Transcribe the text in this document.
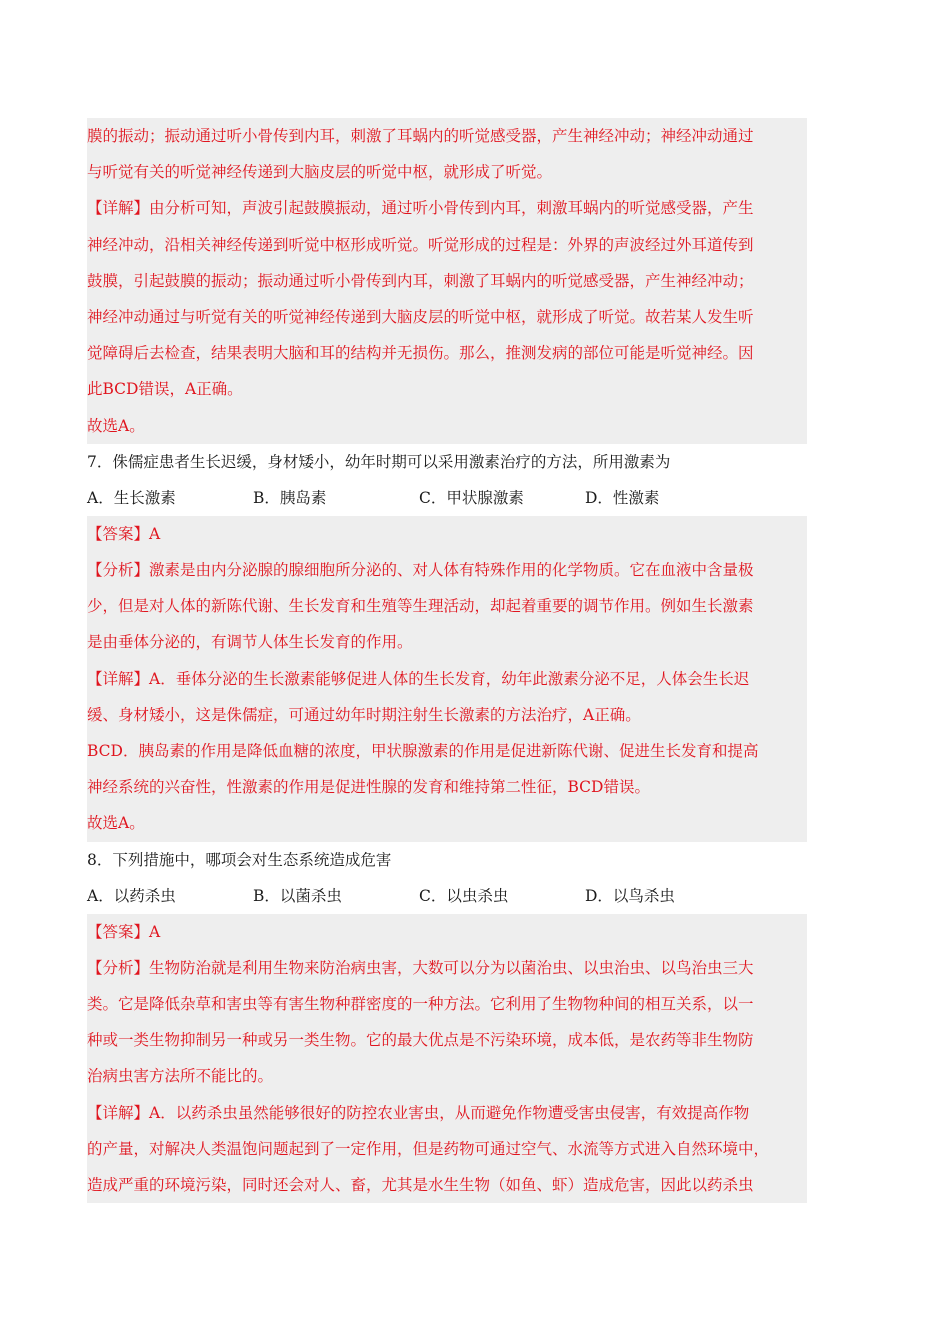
膜的振动；振动通过听小骨传到内耳，刺激了耳蜗内的听觉感受器，产生神经冲动；神经冲动通过

与听觉有关的听觉神经传递到大脑皮层的听觉中枢，就形成了听觉。

【详解】由分析可知，声波引起鼓膜振动，通过听小骨传到内耳，刺激耳蜗内的听觉感受器，产生

神经冲动，沿相关神经传递到听觉中枢形成听觉。听觉形成的过程是：外界的声波经过外耳道传到

鼓膜，引起鼓膜的振动；振动通过听小骨传到内耳，刺激了耳蜗内的听觉感受器，产生神经冲动；

神经冲动通过与听觉有关的听觉神经传递到大脑皮层的听觉中枢，就形成了听觉。故若某人发生听

觉障碍后去检查，结果表明大脑和耳的结构并无损伤。那么，推测发病的部位可能是听觉神经。因

此BCD错误，A正确。

故选A。

7．侏儒症患者生长迟缓，身材矮小，幼年时期可以采用激素治疗的方法，所用激素为
A．生长激素	B．胰岛素	C．甲状腺激素	D．性激素

【答案】A

【分析】激素是由内分泌腺的腺细胞所分泌的、对人体有特殊作用的化学物质。它在血液中含量极

少，但是对人体的新陈代谢、生长发育和生殖等生理活动，却起着重要的调节作用。例如生长激素

是由垂体分泌的，有调节人体生长发育的作用。

【详解】A．垂体分泌的生长激素能够促进人体的生长发育，幼年此激素分泌不足，人体会生长迟

缓、身材矮小，这是侏儒症，可通过幼年时期注射生长激素的方法治疗，A正确。

BCD．胰岛素的作用是降低血糖的浓度，甲状腺激素的作用是促进新陈代谢、促进生长发育和提高

神经系统的兴奋性，性激素的作用是促进性腺的发育和维持第二性征，BCD错误。

故选A。

8．下列措施中，哪项会对生态系统造成危害
A．以药杀虫	B．以菌杀虫	C．以虫杀虫	D．以鸟杀虫

【答案】A

【分析】生物防治就是利用生物来防治病虫害，大数可以分为以菌治虫、以虫治虫、以鸟治虫三大

类。它是降低杂草和害虫等有害生物种群密度的一种方法。它利用了生物物种间的相互关系，以一

种或一类生物抑制另一种或另一类生物。它的最大优点是不污染环境，成本低，是农药等非生物防

治病虫害方法所不能比的。

【详解】A．以药杀虫虽然能够很好的防控农业害虫，从而避免作物遭受害虫侵害，有效提高作物

的产量，对解决人类温饱问题起到了一定作用，但是药物可通过空气、水流等方式进入自然环境中，

造成严重的环境污染，同时还会对人、畜，尤其是水生生物（如鱼、虾）造成危害，因此以药杀虫
